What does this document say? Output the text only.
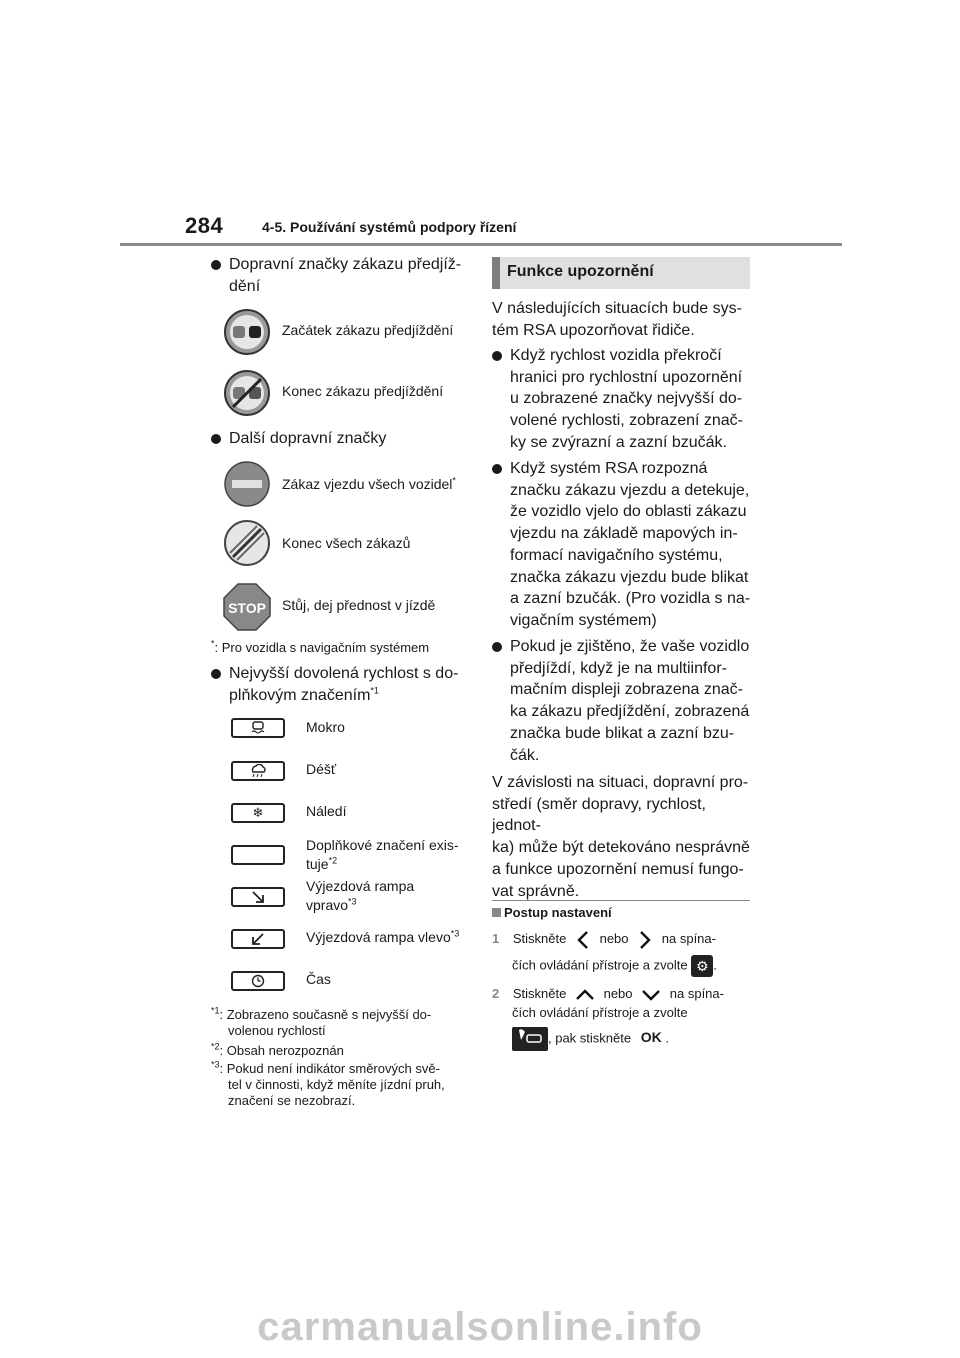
284	4-5. Používání systémů podpory řízení
Dopravní značky zákazu předjíž-
dění
Začátek zákazu předjíždění
Konec zákazu předjíždění
Další dopravní značky
Zákaz vjezdu všech vozidel*
Konec všech zákazů
STOP Stůj, dej přednost v jízdě
*: Pro vozidla s navigačním systémem
Nejvyšší dovolená rychlost s do-
plňkovým značením$^{*1}$
Mokro
Déšť
❄	Náledí
Doplňkové značení exis-
tuje$^{*2}$
Výjezdová rampa
vpravo$^{*3}$
Výjezdová rampa vlevo$^{*3}$
Čas
$^{*1}$: Zobrazeno současně s nejvyšší do-
volenou rychlostí
$^{*2}$: Obsah nerozpoznán
$^{*3}$: Pokud není indikátor směrových svě-
tel v činnosti, když měníte jízdní pruh,
značení se nezobrazí.
Funkce upozornění
V následujících situacích bude sys-
tém RSA upozorňovat řidiče.
Když rychlost vozidla překročí
hranici pro rychlostní upozornění
u zobrazené značky nejvyšší do-
volené rychlosti, zobrazení znač-
ky se zvýrazní a zazní bzučák.
Když systém RSA rozpozná
značku zákazu vjezdu a detekuje,
že vozidlo vjelo do oblasti zákazu
vjezdu na základě mapových in-
formací navigačního systému,
značka zákazu vjezdu bude blikat
a zazní bzučák. (Pro vozidla s na-
vigačním systémem)
Pokud je zjištěno, že vaše vozidlo
předjíždí, když je na multiinfor-
mačním displeji zobrazena znač-
ka zákazu předjíždění, zobrazená
značka bude blikat a zazní bzu-
čák.
V závislosti na situaci, dopravní pro-
středí (směr dopravy, rychlost, jednot-
ka) může být detekováno nesprávně
a funkce upozornění nemusí fungo-
vat správně.
Postup nastavení
1 Stiskněte	nebo	na spína-
čích ovládání přístroje a zvolte ⚙ .
2 Stiskněte	nebo	na spína-
čích ovládání přístroje a zvolte
, pak stiskněte OK .
carmanualsonline.info
